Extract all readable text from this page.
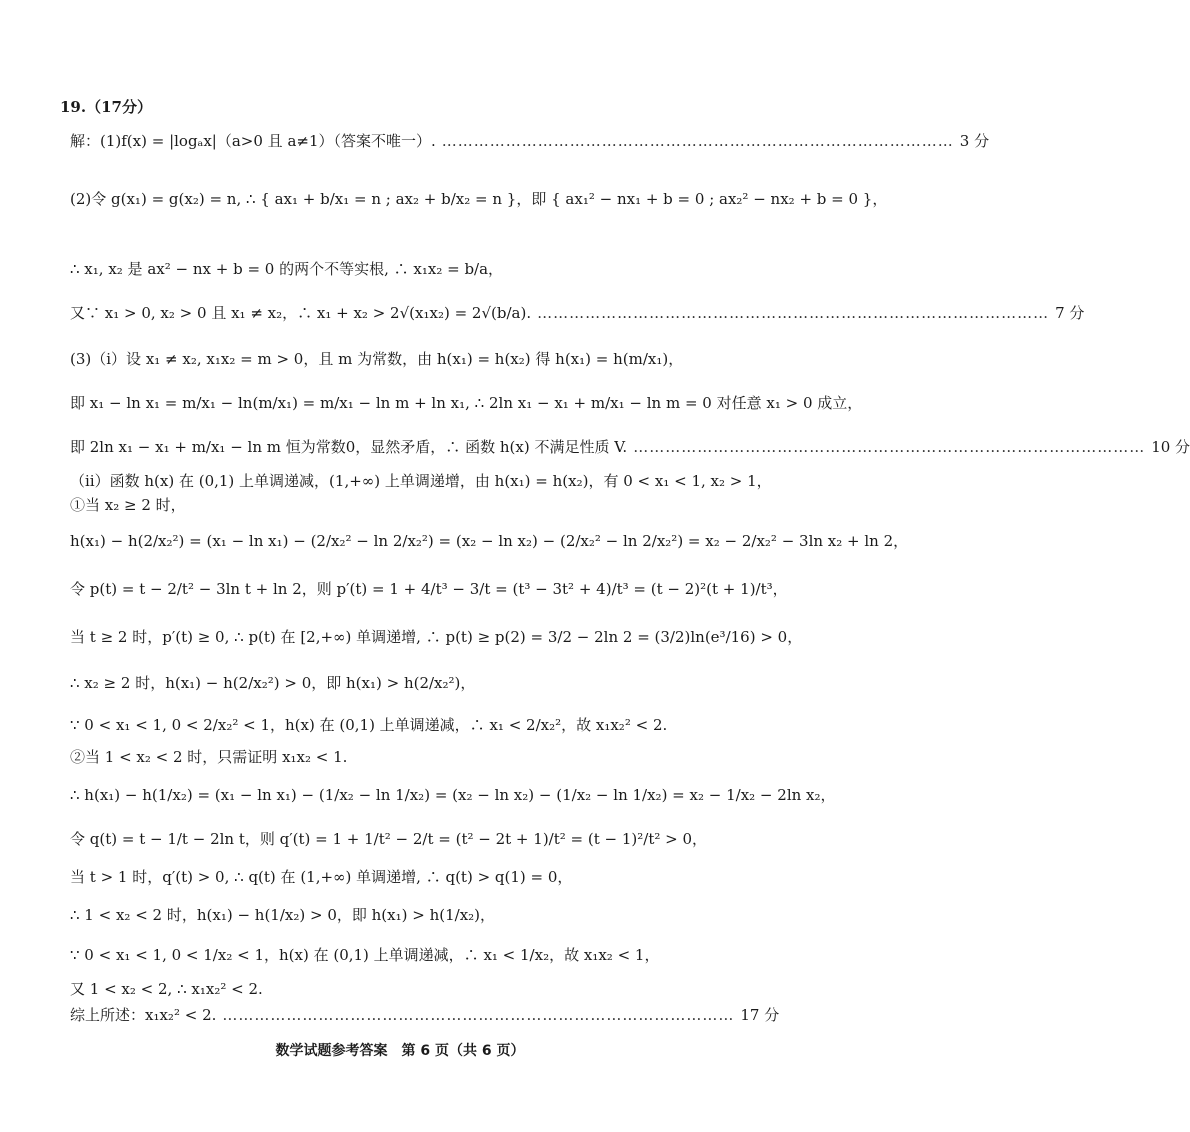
19.（17分）
解：(1)f(x) = |logₐx|（a>0 且 a≠1）（答案不唯一）. …………………………………………………………………………………… 3 分
(2)令 g(x₁) = g(x₂) = n, ∴ { ax₁ + b/x₁ = n ; ax₂ + b/x₂ = n }，即 { ax₁² − nx₁ + b = 0 ; ax₂² − nx₂ + b = 0 }，
∴ x₁, x₂ 是 ax² − nx + b = 0 的两个不等实根, ∴ x₁x₂ = b/a，
又∵ x₁ > 0, x₂ > 0 且 x₁ ≠ x₂，∴ x₁ + x₂ > 2√(x₁x₂) = 2√(b/a). …………………………………………………………………………………… 7 分
(3)（ⅰ）设 x₁ ≠ x₂, x₁x₂ = m > 0，且 m 为常数，由 h(x₁) = h(x₂) 得 h(x₁) = h(m/x₁)，
即 x₁ − ln x₁ = m/x₁ − ln(m/x₁) = m/x₁ − ln m + ln x₁, ∴ 2ln x₁ − x₁ + m/x₁ − ln m = 0 对任意 x₁ > 0 成立，
即 2ln x₁ − x₁ + m/x₁ − ln m 恒为常数0，显然矛盾，∴ 函数 h(x) 不满足性质 V. …………………………………………………………………………………… 10 分
（ⅱ）函数 h(x) 在 (0,1) 上单调递减，(1,+∞) 上单调递增，由 h(x₁) = h(x₂)，有 0 < x₁ < 1, x₂ > 1，
①当 x₂ ≥ 2 时，
h(x₁) − h(2/x₂²) = (x₁ − ln x₁) − (2/x₂² − ln 2/x₂²) = (x₂ − ln x₂) − (2/x₂² − ln 2/x₂²) = x₂ − 2/x₂² − 3ln x₂ + ln 2，
令 p(t) = t − 2/t² − 3ln t + ln 2，则 p′(t) = 1 + 4/t³ − 3/t = (t³ − 3t² + 4)/t³ = (t − 2)²(t + 1)/t³，
当 t ≥ 2 时，p′(t) ≥ 0, ∴ p(t) 在 [2,+∞) 单调递增, ∴ p(t) ≥ p(2) = 3/2 − 2ln 2 = (3/2)ln(e³/16) > 0，
∴ x₂ ≥ 2 时，h(x₁) − h(2/x₂²) > 0，即 h(x₁) > h(2/x₂²)，
∵ 0 < x₁ < 1, 0 < 2/x₂² < 1，h(x) 在 (0,1) 上单调递减，∴ x₁ < 2/x₂²，故 x₁x₂² < 2.
②当 1 < x₂ < 2 时，只需证明 x₁x₂ < 1.
∴ h(x₁) − h(1/x₂) = (x₁ − ln x₁) − (1/x₂ − ln 1/x₂) = (x₂ − ln x₂) − (1/x₂ − ln 1/x₂) = x₂ − 1/x₂ − 2ln x₂，
令 q(t) = t − 1/t − 2ln t，则 q′(t) = 1 + 1/t² − 2/t = (t² − 2t + 1)/t² = (t − 1)²/t² > 0，
当 t > 1 时，q′(t) > 0, ∴ q(t) 在 (1,+∞) 单调递增, ∴ q(t) > q(1) = 0，
∴ 1 < x₂ < 2 时，h(x₁) − h(1/x₂) > 0，即 h(x₁) > h(1/x₂)，
∵ 0 < x₁ < 1, 0 < 1/x₂ < 1，h(x) 在 (0,1) 上单调递减，∴ x₁ < 1/x₂，故 x₁x₂ < 1，
又 1 < x₂ < 2, ∴ x₁x₂² < 2.
综上所述：x₁x₂² < 2. …………………………………………………………………………………… 17 分
数学试题参考答案　第 6 页（共 6 页）
